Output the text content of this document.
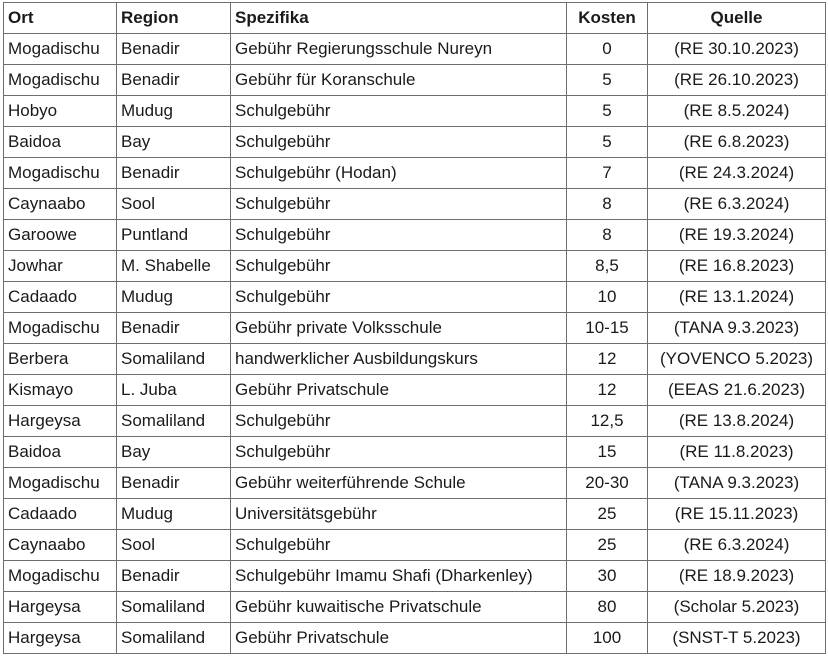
Ort	Region	Spezifika	Kosten	Quelle
Mogadischu	Benadir	Gebühr Regierungsschule Nureyn	0	(RE 30.10.2023)
Mogadischu	Benadir	Gebühr für Koranschule	5	(RE 26.10.2023)
Hobyo	Mudug	Schulgebühr	5	(RE 8.5.2024)
Baidoa	Bay	Schulgebühr	5	(RE 6.8.2023)
Mogadischu	Benadir	Schulgebühr (Hodan)	7	(RE 24.3.2024)
Caynaabo	Sool	Schulgebühr	8	(RE 6.3.2024)
Garoowe	Puntland	Schulgebühr	8	(RE 19.3.2024)
Jowhar	M. Shabelle	Schulgebühr	8,5	(RE 16.8.2023)
Cadaado	Mudug	Schulgebühr	10	(RE 13.1.2024)
Mogadischu	Benadir	Gebühr private Volksschule	10-15	(TANA 9.3.2023)
Berbera	Somaliland	handwerklicher Ausbildungskurs	12	(YOVENCO 5.2023)
Kismayo	L. Juba	Gebühr Privatschule	12	(EEAS 21.6.2023)
Hargeysa	Somaliland	Schulgebühr	12,5	(RE 13.8.2024)
Baidoa	Bay	Schulgebühr	15	(RE 11.8.2023)
Mogadischu	Benadir	Gebühr weiterführende Schule	20-30	(TANA 9.3.2023)
Cadaado	Mudug	Universitätsgebühr	25	(RE 15.11.2023)
Caynaabo	Sool	Schulgebühr	25	(RE 6.3.2024)
Mogadischu	Benadir	Schulgebühr Imamu Shafi (Dharkenley)	30	(RE 18.9.2023)
Hargeysa	Somaliland	Gebühr kuwaitische Privatschule	80	(Scholar 5.2023)
Hargeysa	Somaliland	Gebühr Privatschule	100	(SNST-T 5.2023)
